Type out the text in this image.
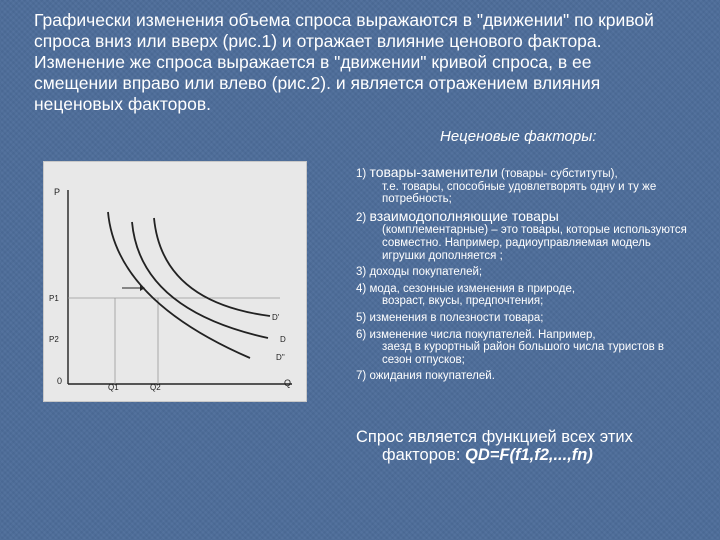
Графически изменения объема спроса выражаются в "движении" по кривой
спроса вниз или вверх (рис.1) и отражает влияние ценового фактора.
Изменение же спроса выражается в "движении" кривой спроса, в ее
смещении вправо или влево (рис.2). и является отражением влияния
неценовых факторов.

Неценовые факторы:

P
Q
0
P1
P2
Q1	Q2
D'
D
D''
1) товары-заменители (товары- субституты),
т.е. товары, способные удовлетворять одну и ту же потребность;
2) взаимодополняющие товары
(комплементарные) – это товары, которые используются совместно. Например, радиоуправляемая модель игрушки дополняется ;
3) доходы покупателей;
4) мода, сезонные изменения в природе,
возраст, вкусы, предпочтения;
5) изменения в полезности товара;
6) изменение числа покупателей. Например,
заезд в курортный район большого числа туристов в сезон отпусков;
7) ожидания покупателей.
Спрос является функцией всех этих
факторов: QD=F(f1,f2,...,fn)
